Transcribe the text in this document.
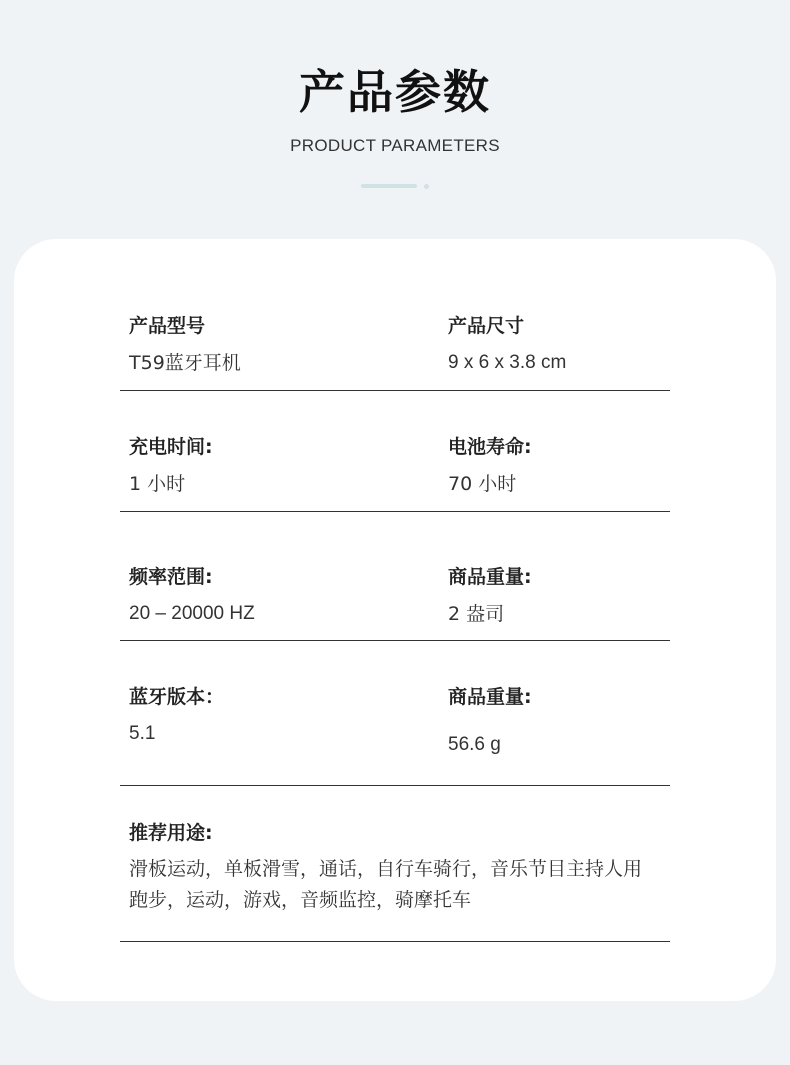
产品参数
PRODUCT PARAMETERS
产品型号
T59蓝牙耳机
产品尺寸
9 x 6 x 3.8 cm
充电时间:
1 小时
电池寿命:
70 小时
频率范围:
20 – 20000 HZ
商品重量:
2 盎司
蓝牙版本：
5.1
商品重量:
56.6 g
推荐用途:
滑板运动，单板滑雪，通话，自行车骑行，音乐节目主持人用
跑步，运动，游戏，音频监控，骑摩托车
